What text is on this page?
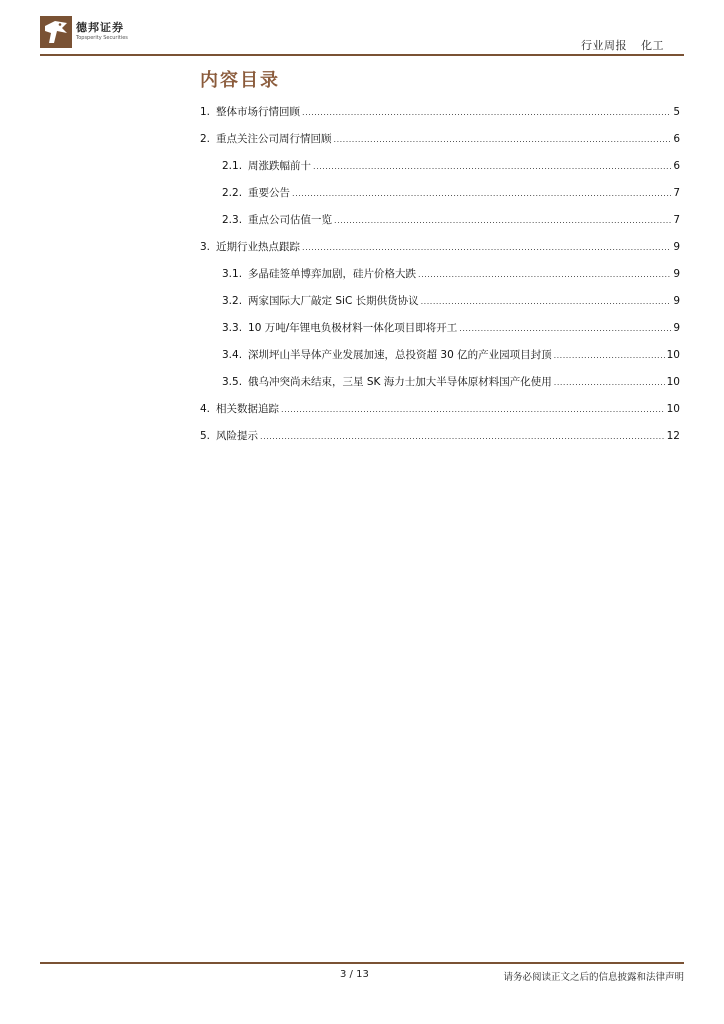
德邦证券
Topsperity Securities
行业周报 化工
内容目录
1. 整体市场行情回顾 .....	5
2. 重点关注公司周行情回顾 .....	6
2.1. 周涨跌幅前十 .....	6
2.2. 重要公告 .....	7
2.3. 重点公司估值一览 .....	7
3. 近期行业热点跟踪 .....	9
3.1. 多晶硅签单博弈加剧，硅片价格大跌 .....	9
3.2. 两家国际大厂敲定 SiC 长期供货协议 .....	9
3.3. 10 万吨/年锂电负极材料一体化项目即将开工 .....	9
3.4. 深圳坪山半导体产业发展加速，总投资超 30 亿的产业园项目封顶 .....	10
3.5. 俄乌冲突尚未结束，三星 SK 海力士加大半导体原材料国产化使用 .....	10
4. 相关数据追踪 .....	10
5. 风险提示 .....	12
3 / 13	请务必阅读正文之后的信息披露和法律声明
